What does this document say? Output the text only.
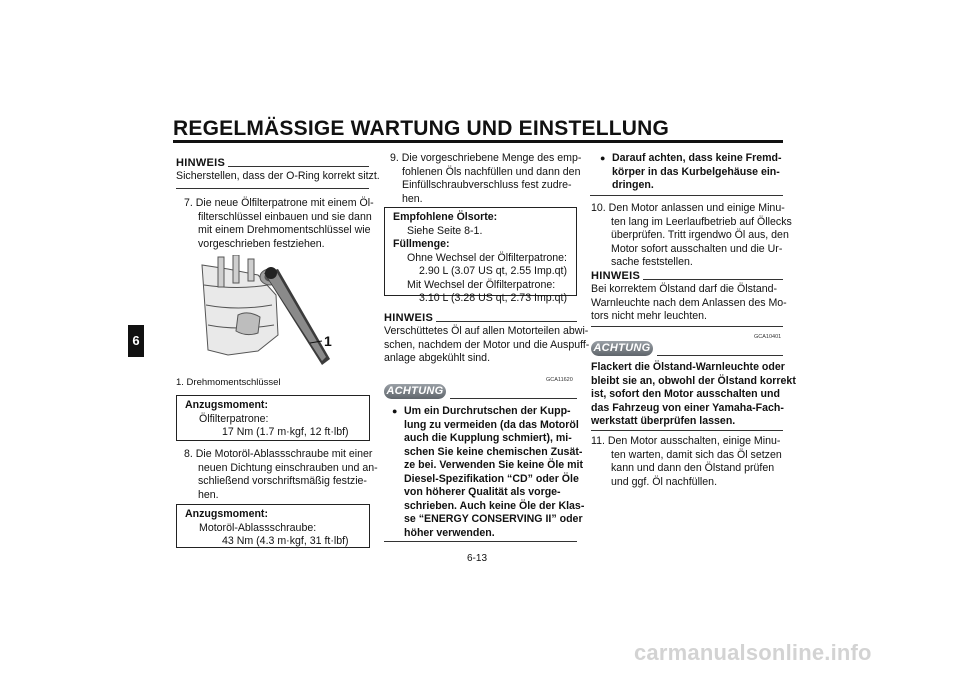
REGELMÄSSIGE WARTUNG UND EINSTELLUNG
6
HINWEIS
Sicherstellen, dass der O-Ring korrekt sitzt.
7. Die neue Ölfilterpatrone mit einem Öl-
filterschlüssel einbauen und sie dann
mit einem Drehmomentschlüssel wie
vorgeschrieben festziehen.
1
1. Drehmomentschlüssel
Anzugsmoment:
Ölfilterpatrone:
17 Nm (1.7 m·kgf, 12 ft·lbf)
8. Die Motoröl-Ablassschraube mit einer
neuen Dichtung einschrauben und an-
schließend vorschriftsmäßig festzie-
hen.
Anzugsmoment:
Motoröl-Ablassschraube:
43 Nm (4.3 m·kgf, 31 ft·lbf)
9. Die vorgeschriebene Menge des emp-
fohlenen Öls nachfüllen und dann den
Einfüllschraubverschluss fest zudre-
hen.
Empfohlene Ölsorte:
Siehe Seite 8-1.
Füllmenge:
Ohne Wechsel der Ölfilterpatrone:
2.90 L (3.07 US qt, 2.55 Imp.qt)
Mit Wechsel der Ölfilterpatrone:
3.10 L (3.28 US qt, 2.73 Imp.qt)
HINWEIS
Verschüttetes Öl auf allen Motorteilen abwi-
schen, nachdem der Motor und die Auspuff-
anlage abgekühlt sind.
GCA11620
ACHTUNG
● Um ein Durchrutschen der Kupp-
lung zu vermeiden (da das Motoröl
auch die Kupplung schmiert), mi-
schen Sie keine chemischen Zusät-
ze bei. Verwenden Sie keine Öle mit
Diesel-Spezifikation “CD” oder Öle
von höherer Qualität als vorge-
schrieben. Auch keine Öle der Klas-
se “ENERGY CONSERVING II” oder
höher verwenden.
● Darauf achten, dass keine Fremd-
körper in das Kurbelgehäuse ein-
dringen.
10. Den Motor anlassen und einige Minu-
ten lang im Leerlaufbetrieb auf Öllecks
überprüfen. Tritt irgendwo Öl aus, den
Motor sofort ausschalten und die Ur-
sache feststellen.
HINWEIS
Bei korrektem Ölstand darf die Ölstand-
Warnleuchte nach dem Anlassen des Mo-
tors nicht mehr leuchten.
GCA10401
ACHTUNG
Flackert die Ölstand-Warnleuchte oder
bleibt sie an, obwohl der Ölstand korrekt
ist, sofort den Motor ausschalten und
das Fahrzeug von einer Yamaha-Fach-
werkstatt überprüfen lassen.
11. Den Motor ausschalten, einige Minu-
ten warten, damit sich das Öl setzen
kann und dann den Ölstand prüfen
und ggf. Öl nachfüllen.
6-13
carmanualsonline.info
